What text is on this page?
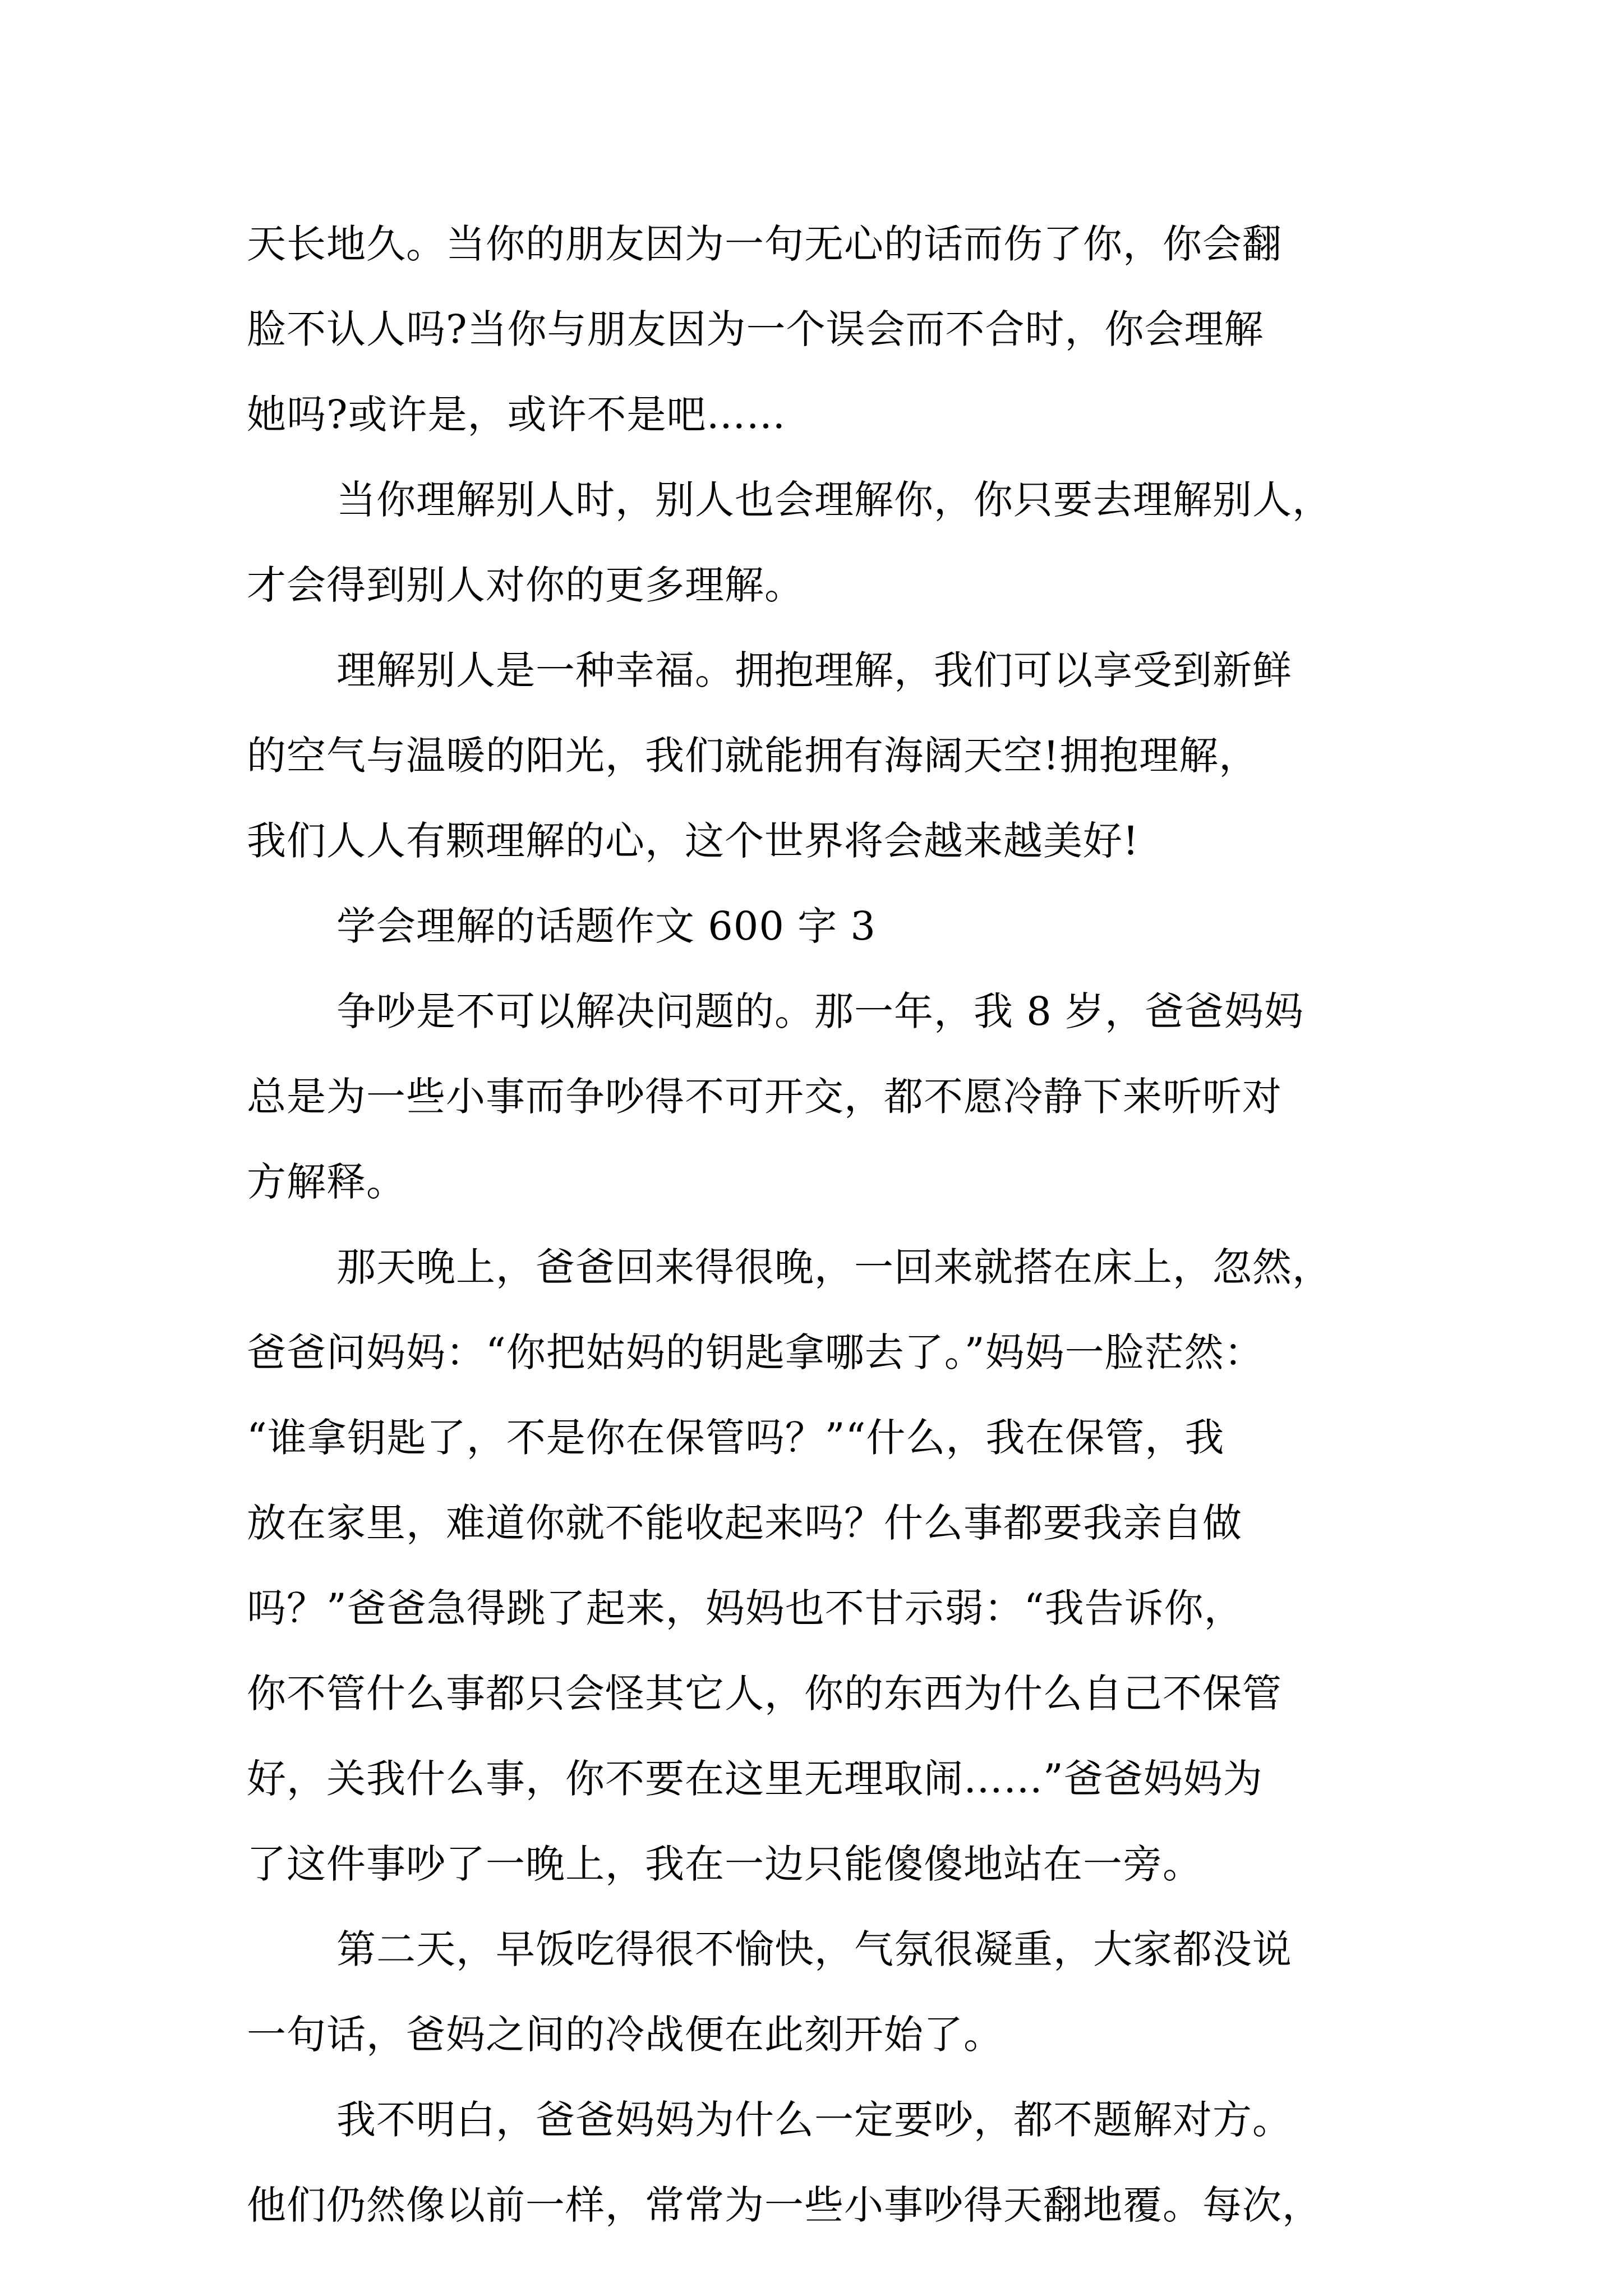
天长地久。当你的朋友因为一句无心的话而伤了你，你会翻
脸不认人吗?当你与朋友因为一个误会而不合时，你会理解
她吗?或许是，或许不是吧……
当你理解别人时，别人也会理解你，你只要去理解别人，
才会得到别人对你的更多理解。
理解别人是一种幸福。拥抱理解，我们可以享受到新鲜
的空气与温暖的阳光，我们就能拥有海阔天空!拥抱理解，
我们人人有颗理解的心，这个世界将会越来越美好!
学会理解的话题作文 600 字 3
争吵是不可以解决问题的。那一年，我 8 岁，爸爸妈妈
总是为一些小事而争吵得不可开交，都不愿冷静下来听听对
方解释。
那天晚上，爸爸回来得很晚，一回来就搭在床上，忽然，
爸爸问妈妈：“你把姑妈的钥匙拿哪去了。”妈妈一脸茫然：
“谁拿钥匙了，不是你在保管吗？”“什么，我在保管，我
放在家里，难道你就不能收起来吗？什么事都要我亲自做
吗？”爸爸急得跳了起来，妈妈也不甘示弱：“我告诉你，
你不管什么事都只会怪其它人，你的东西为什么自己不保管
好，关我什么事，你不要在这里无理取闹……”爸爸妈妈为
了这件事吵了一晚上，我在一边只能傻傻地站在一旁。
第二天，早饭吃得很不愉快，气氛很凝重，大家都没说
一句话，爸妈之间的冷战便在此刻开始了。
我不明白，爸爸妈妈为什么一定要吵，都不题解对方。
他们仍然像以前一样，常常为一些小事吵得天翻地覆。每次，
